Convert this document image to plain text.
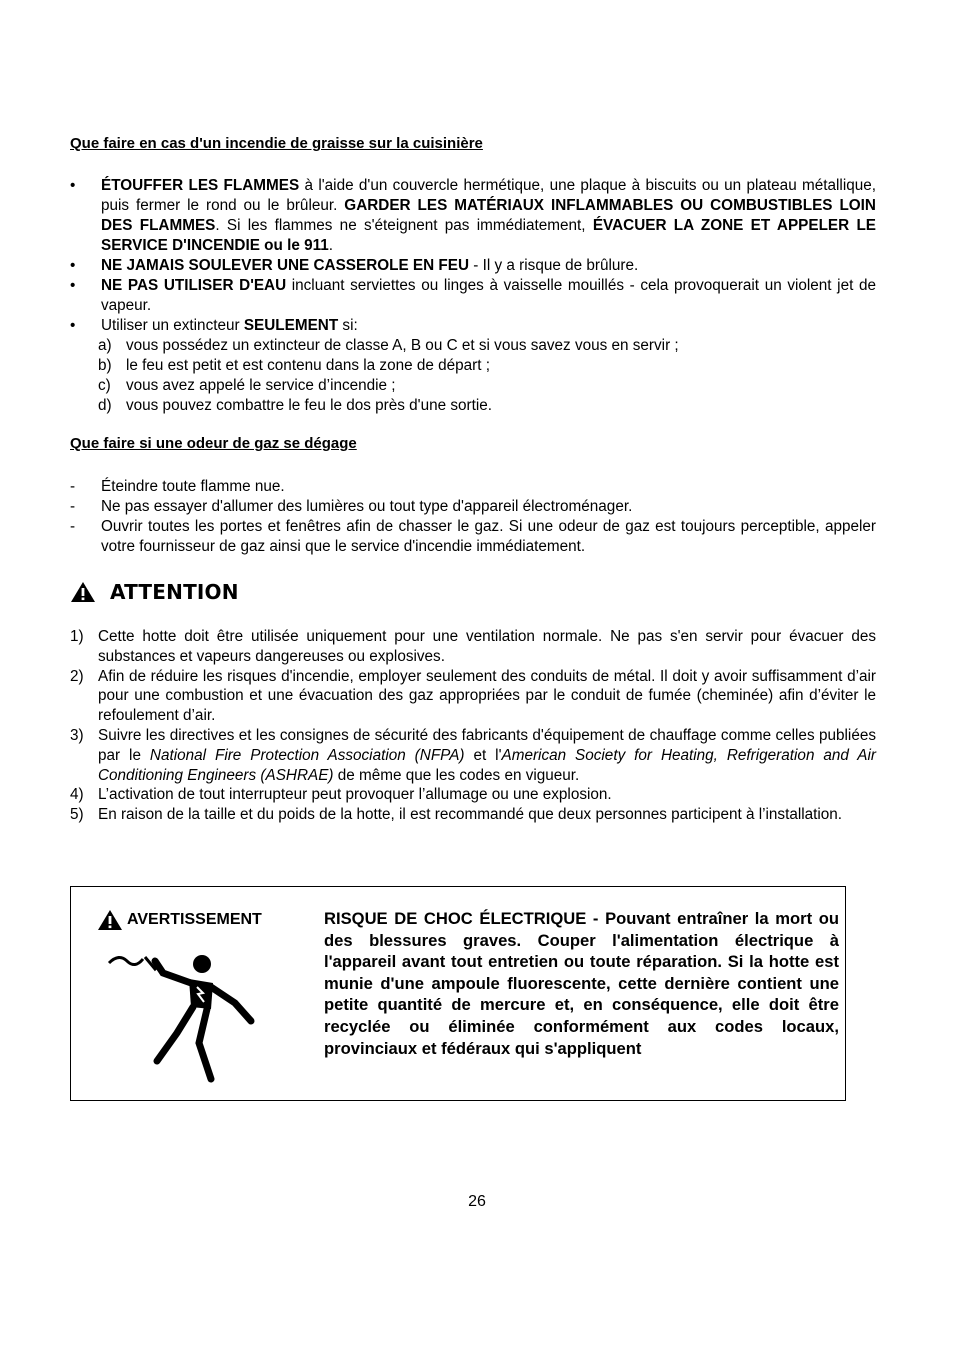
Que faire en cas d'un incendie de graisse sur la cuisinière

•	ÉTOUFFER LES FLAMMES à l'aide d'un couvercle hermétique, une plaque à biscuits ou un plateau métallique, puis fermer le rond ou le brûleur. GARDER LES MATÉRIAUX INFLAMMABLES OU COMBUSTIBLES LOIN DES FLAMMES. Si les flammes ne s'éteignent pas immédiatement, ÉVACUER LA ZONE ET APPELER LE SERVICE D'INCENDIE ou le 911.
•	NE JAMAIS SOULEVER UNE CASSEROLE EN FEU - Il y a risque de brûlure.
•	NE PAS UTILISER D'EAU incluant serviettes ou linges à vaisselle mouillés - cela provoquerait un violent jet de vapeur.
•	Utiliser un extincteur SEULEMENT si:
a) vous possédez un extincteur de classe A, B ou C et si vous savez vous en servir ;
b) le feu est petit et est contenu dans la zone de départ ;
c) vous avez appelé le service d’incendie ;
d) vous pouvez combattre le feu le dos près d'une sortie.

Que faire si une odeur de gaz se dégage

-	Éteindre toute flamme nue.
-	Ne pas essayer d'allumer des lumières ou tout type d'appareil électroménager.
-	Ouvrir toutes les portes et fenêtres afin de chasser le gaz. Si une odeur de gaz est toujours perceptible, appeler votre fournisseur de gaz ainsi que le service d'incendie immédiatement.
ATTENTION
1) Cette hotte doit être utilisée uniquement pour une ventilation normale. Ne pas s'en servir pour évacuer des substances et vapeurs dangereuses ou explosives.
2) Afin de réduire les risques d'incendie, employer seulement des conduits de métal. Il doit y avoir suffisamment d’air pour une combustion et une évacuation des gaz appropriées par le conduit de fumée (cheminée) afin d’éviter le refoulement d’air.
3) Suivre les directives et les consignes de sécurité des fabricants d'équipement de chauffage comme celles publiées par le National Fire Protection Association (NFPA) et l'American Society for Heating, Refrigeration and Air Conditioning Engineers (ASHRAE) de même que les codes en vigueur.
4) L’activation de tout interrupteur peut provoquer l’allumage ou une explosion.
5) En raison de la taille et du poids de la hotte, il est recommandé que deux personnes participent à l’installation.
AVERTISSEMENT	RISQUE DE CHOC ÉLECTRIQUE - Pouvant entraîner la mort ou des blessures graves. Couper l'alimentation électrique à l'appareil avant tout entretien ou toute réparation. Si la hotte est munie d'une ampoule fluorescente, cette dernière contient une petite quantité de mercure et, en conséquence, elle doit être recyclée ou éliminée conformément aux codes locaux, provinciaux et fédéraux qui s'appliquent

26
